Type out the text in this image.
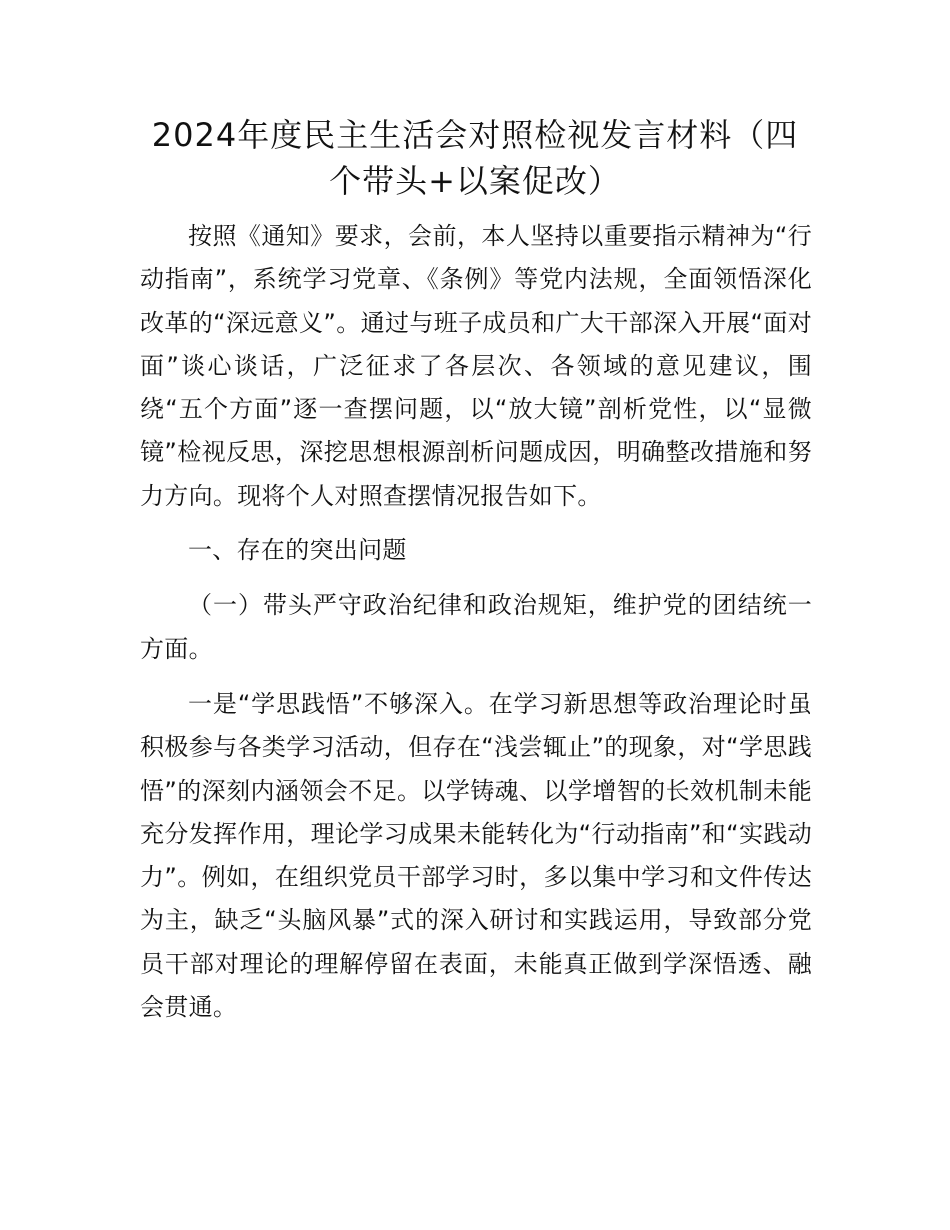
2024年度民主生活会对照检视发言材料（四个带头+以案促改）

按照《通知》要求，会前，本人坚持以重要指示精神为“行动指南”，系统学习党章、《条例》等党内法规，全面领悟深化改革的“深远意义”。通过与班子成员和广大干部深入开展“面对面”谈心谈话，广泛征求了各层次、各领域的意见建议，围绕“五个方面”逐一查摆问题，以“放大镜”剖析党性，以“显微镜”检视反思，深挖思想根源剖析问题成因，明确整改措施和努力方向。现将个人对照查摆情况报告如下。

一、存在的突出问题

（一）带头严守政治纪律和政治规矩，维护党的团结统一方面。

一是“学思践悟”不够深入。在学习新思想等政治理论时虽积极参与各类学习活动，但存在“浅尝辄止”的现象，对“学思践悟”的深刻内涵领会不足。以学铸魂、以学增智的长效机制未能充分发挥作用，理论学习成果未能转化为“行动指南”和“实践动力”。例如，在组织党员干部学习时，多以集中学习和文件传达为主，缺乏“头脑风暴”式的深入研讨和实践运用，导致部分党员干部对理论的理解停留在表面，未能真正做到学深悟透、融会贯通。
